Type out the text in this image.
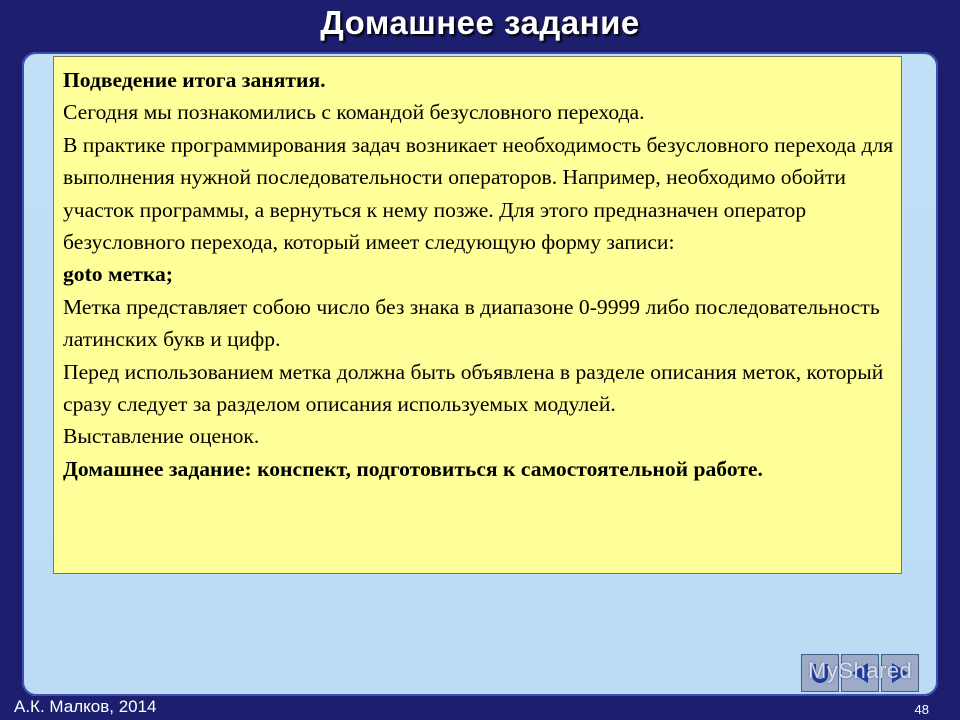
Домашнее задание

Подведение итога занятия.

Сегодня мы познакомились с командой безусловного перехода.

В практике программирования задач возникает необходимость безусловного перехода для выполнения нужной последовательности операторов. Например, необходимо обойти участок программы, а вернуться к нему позже. Для этого предназначен оператор безусловного перехода, который имеет следующую форму записи:

goto метка;

Метка представляет собою число без знака в диапазоне 0-9999 либо последовательность латинских букв и цифр.

Перед использованием метка должна быть объявлена в разделе описания меток, который сразу следует за разделом описания используемых модулей.

Выставление оценок.

Домашнее задание: конспект, подготовиться к самостоятельной работе.

MyShared
А.К. Малков, 2014	48
